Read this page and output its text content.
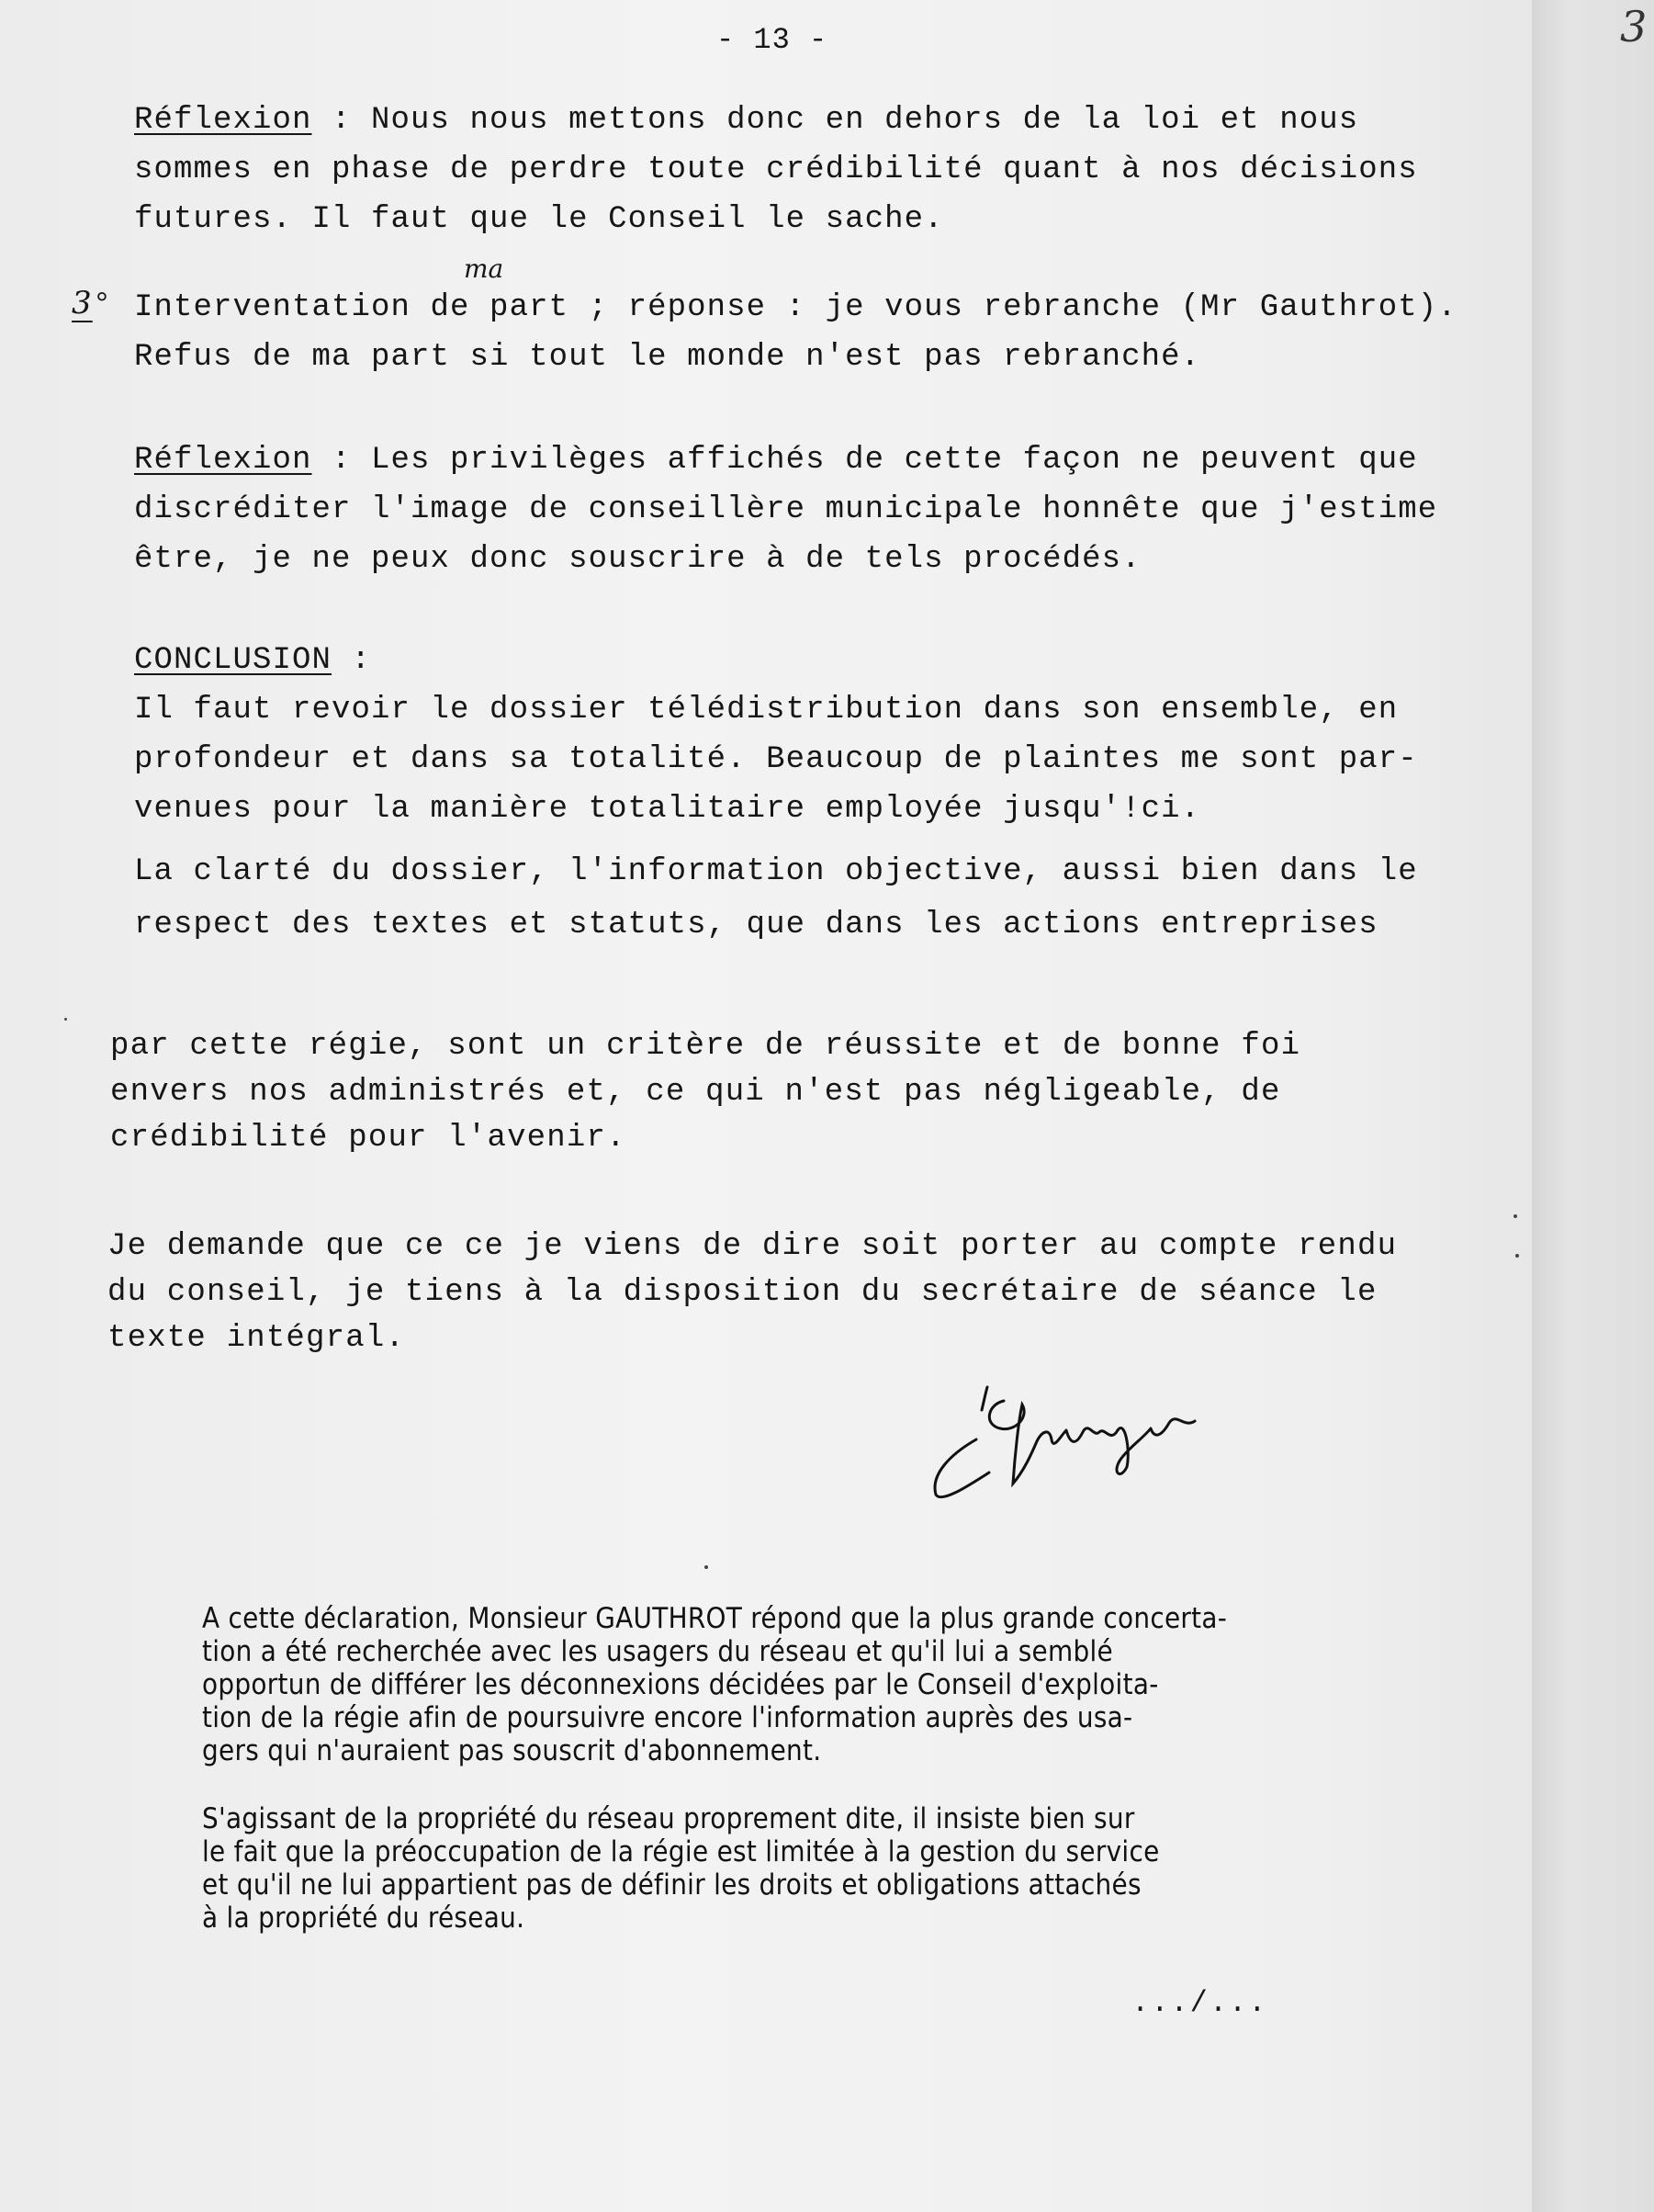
- 13 -	3
Réflexion : Nous nous mettons donc en dehors de la loi et nous
sommes en phase de perdre toute crédibilité quant à nos décisions
futures. Il faut que le Conseil le sache.
ma
3° Interventation de part ; réponse : je vous rebranche (Mr Gauthrot).
Refus de ma part si tout le monde n'est pas rebranché.
Réflexion : Les privilèges affichés de cette façon ne peuvent que
discréditer l'image de conseillère municipale honnête que j'estime
être, je ne peux donc souscrire à de tels procédés.
CONCLUSION :
Il faut revoir le dossier télédistribution dans son ensemble, en
profondeur et dans sa totalité. Beaucoup de plaintes me sont par-
venues pour la manière totalitaire employée jusqu'!ci.
La clarté du dossier, l'information objective, aussi bien dans le
respect des textes et statuts, que dans les actions entreprises
par cette régie, sont un critère de réussite et de bonne foi
envers nos administrés et, ce qui n'est pas négligeable, de
crédibilité pour l'avenir.
Je demande que ce ce je viens de dire soit porter au compte rendu
du conseil, je tiens à la disposition du secrétaire de séance le
texte intégral.
A cette déclaration, Monsieur GAUTHROT répond que la plus grande concerta-
tion a été recherchée avec les usagers du réseau et qu'il lui a semblé
opportun de différer les déconnexions décidées par le Conseil d'exploita-
tion de la régie afin de poursuivre encore l'information auprès des usa-
gers qui n'auraient pas souscrit d'abonnement.
S'agissant de la propriété du réseau proprement dite, il insiste bien sur
le fait que la préoccupation de la régie est limitée à la gestion du service
et qu'il ne lui appartient pas de définir les droits et obligations attachés
à la propriété du réseau.
.../...
